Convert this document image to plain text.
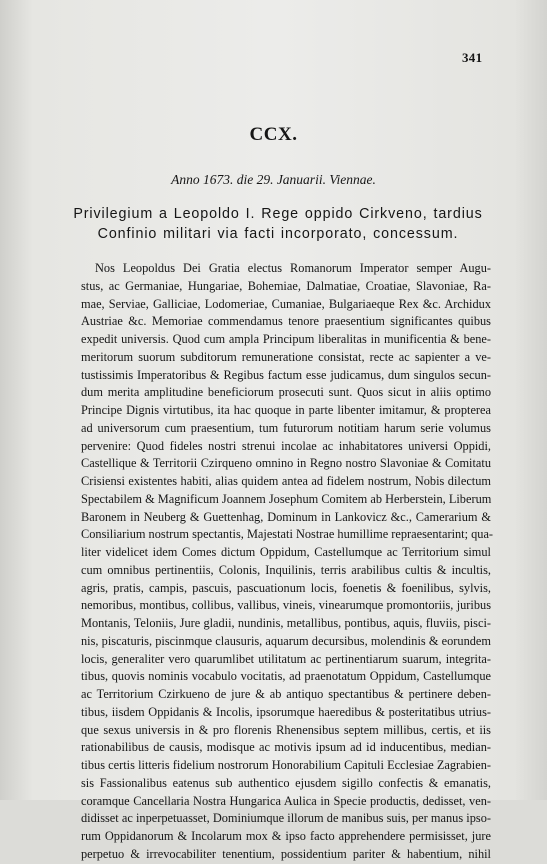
341
CCX.
Anno 1673. die 29. Januarii. Viennae.
Privilegium a Leopoldo I. Rege oppido Cirkveno, tardius
Confinio militari via facti incorporato, concessum.
Nos Leopoldus Dei Gratia electus Romanorum Imperator semper Augu-
stus, ac Germaniae, Hungariae, Bohemiae, Dalmatiae, Croatiae, Slavoniae, Ra-
mae, Serviae, Galliciae, Lodomeriae, Cumaniae, Bulgariaeque Rex &c. Archidux
Austriae &c. Memoriae commendamus tenore praesentium significantes quibus
expedit universis. Quod cum ampla Principum liberalitas in munificentia & bene-
meritorum suorum subditorum remuneratione consistat, recte ac sapienter a ve-
tustissimis Imperatoribus & Regibus factum esse judicamus, dum singulos secun-
dum merita amplitudine beneficiorum prosecuti sunt. Quos sicut in aliis optimo
Principe Dignis virtutibus, ita hac quoque in parte libenter imitamur, & propterea
ad universorum cum praesentium, tum futurorum notitiam harum serie volumus
pervenire: Quod fideles nostri strenui incolae ac inhabitatores universi Oppidi,
Castellique & Territorii Czirqueno omnino in Regno nostro Slavoniae & Comitatu
Crisiensi existentes habiti, alias quidem antea ad fidelem nostrum, Nobis dilectum
Spectabilem & Magnificum Joannem Josephum Comitem ab Herberstein, Liberum
Baronem in Neuberg & Guettenhag, Dominum in Lankovicz &c., Camerarium &
Consiliarium nostrum spectantis, Majestati Nostrae humillime repraesentarint; qua-
liter videlicet idem Comes dictum Oppidum, Castellumque ac Territorium simul
cum omnibus pertinentiis, Colonis, Inquilinis, terris arabilibus cultis & incultis,
agris, pratis, campis, pascuis, pascuationum locis, foenetis & foenilibus, sylvis,
nemoribus, montibus, collibus, vallibus, vineis, vinearumque promontoriis, juribus
Montanis, Teloniis, Jure gladii, nundinis, metallibus, pontibus, aquis, fluviis, pisci-
nis, piscaturis, piscinmque clausuris, aquarum decursibus, molendinis & eorundem
locis, generaliter vero quarumlibet utilitatum ac pertinentiarum suarum, integrita-
tibus, quovis nominis vocabulo vocitatis, ad praenotatum Oppidum, Castellumque
ac Territorium Czirkueno de jure & ab antiquo spectantibus & pertinere deben-
tibus, iisdem Oppidanis & Incolis, ipsorumque haeredibus & posteritatibus utrius-
que sexus universis in & pro florenis Rhenensibus septem millibus, certis, et iis
rationabilibus de causis, modisque ac motivis ipsum ad id inducentibus, median-
tibus certis litteris fidelium nostrorum Honorabilium Capituli Ecclesiae Zagrabien-
sis Fassionalibus eatenus sub authentico ejusdem sigillo confectis & emanatis,
coramque Cancellaria Nostra Hungarica Aulica in Specie productis, dedisset, ven-
didisset ac inperpetuasset, Dominiumque illorum de manibus suis, per manus ipso-
rum Oppidanorum & Incolarum mox & ipso facto apprehendere permisisset, jure
perpetuo & irrevocabiliter tenentium, possidentium pariter & habentium, nihil
